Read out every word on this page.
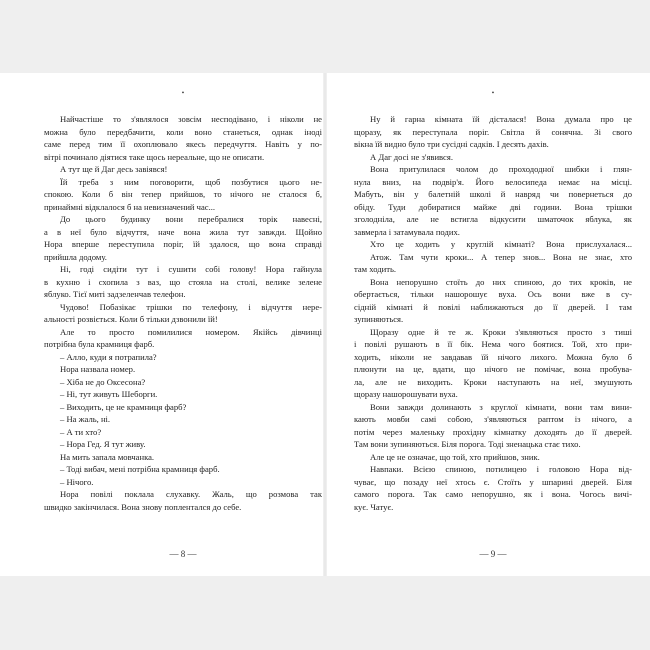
•

Найчастіше то з'являлося зовсім несподівано, і ніколи не

можна було передбачити, коли воно станеться, однак іноді

саме перед тим її охоплювало якесь передчуття. Навіть у по-

вітрі починало діятися таке щось нереальне, що не описати.

А тут ще й Даг десь завіявся!

Їй треба з ним поговорити, щоб позбутися цього не-

спокою. Коли б він тепер прийшов, то нічого не сталося б,

принаймні відклалося б на невизначений час...

До цього будинку вони перебралися торік навесні,

а в неї було відчуття, наче вона жила тут завжди. Щойно

Нора вперше переступила поріг, їй здалося, що вона справді

прийшла додому.

Ні, годі сидіти тут і сушити собі голову! Нора гайнула

в кухню і схопила з ваз, що стояла на столі, велике зелене

яблуко. Тієї миті задзеленчав телефон.

Чудово! Побазікає трішки по телефону, і відчуття нере-

альності розвіється. Коли б тільки дзвонили їй!

Але то просто помилилися номером. Якійсь дівчинці

потрібна була крамниця фарб.

– Алло, куди я потрапила?

Нора назвала номер.

– Хіба не до Оксесона?

– Ні, тут живуть Шеборги.

– Виходить, це не крамниця фарб?

– На жаль, ні.

– А ти хто?

– Нора Гед. Я тут живу.

На мить запала мовчанка.

– Тоді вибач, мені потрібна крамниця фарб.

– Нічого.

Нора повілі поклала слухавку. Жаль, що розмова так

швидко закінчилася. Вона знову поплентался до себе.

— 8 —
•

Ну й гарна кімната їй дісталася! Вона думала про це

щоразу, як переступала поріг. Світла й сонячна. Зі свого

вікна їй видно було три сусідні садків. І десять дахів.

А Даг досі не з'явився.

Вона притулилася чолом до прохододної шибки і глян-

нула вниз, на подвір'я. Його велосипеда немає на місці.

Мабуть, він у балетній школі й навряд чи повернеться до

обіду. Туди добиратися майже дві години. Вона трішки

зголодніла, але не встигла відкусити шматочок яблука, як

завмерла і затамувала подих.

Хто це ходить у круглій кімнаті? Вона прислухалася...

Атож. Там чути кроки... А тепер знов... Вона не знає, хто

там ходить.

Вона непорушно стоїть до них спиною, до тих кроків, не

обертається, тільки нашорошує вуха. Ось вони вже в су-

сідній кімнаті й повілі наближаються до її дверей. І там

зупиняються.

Щоразу одне й те ж. Кроки з'являються просто з тиші

і повілі рушають в її бік. Нема чого боятися. Той, хто при-

ходить, ніколи не завдавав їй нічого лихого. Можна було б

плюнути на це, вдати, що нічого не помічає, вона пробува-

ла, але не виходить. Кроки наступають на неї, змушують

щоразу нашорошувати вуха.

Вони завжди долинають з круглої кімнати, вони там вини-

кають мовби самі собою, з'являються раптом із нічого, а

потім через маленьку прохідну кімнатку доходять до її дверей.

Там вони зупиняються. Біля порога. Тоді зненацька стає тихо.

Але це не означає, що той, хто прийшов, зник.

Навпаки. Всією спиною, потилицею і головою Нора від-

чуває, що позаду неї хтось є. Стоїть у шпарині дверей. Біля

самого порога. Так само непорушно, як і вона. Чогось вичі-

кує. Чатує.

— 9 —
